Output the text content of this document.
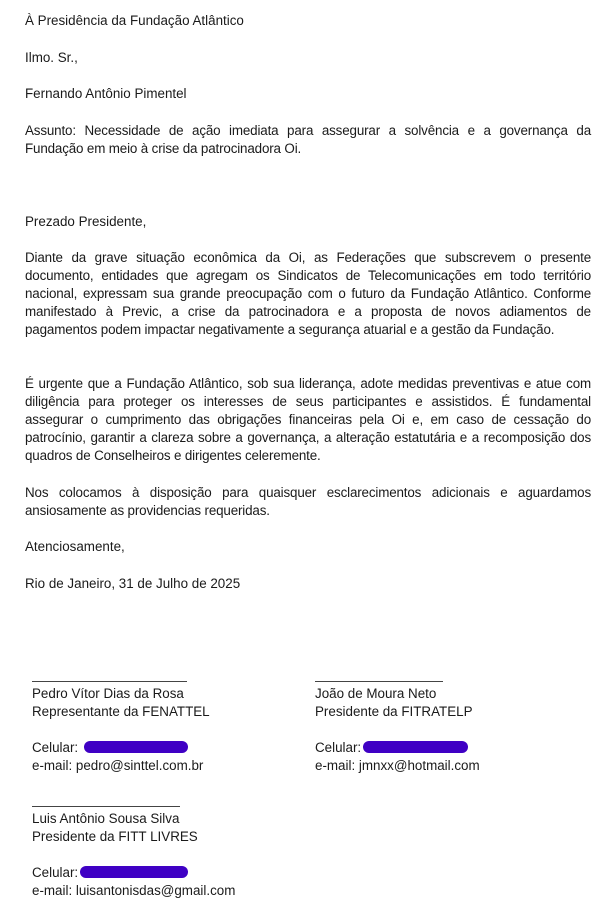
À Presidência da Fundação Atlântico
Ilmo. Sr.,
Fernando Antônio Pimentel
Assunto: Necessidade de ação imediata para assegurar a solvência e a governança da Fundação em meio à crise da patrocinadora Oi.
Prezado Presidente,
Diante da grave situação econômica da Oi, as Federações que subscrevem o presente documento, entidades que agregam os Sindicatos de Telecomunicações em todo território nacional, expressam sua grande preocupação com o futuro da Fundação Atlântico. Conforme manifestado à Previc, a crise da patrocinadora e a proposta de novos adiamentos de pagamentos podem impactar negativamente a segurança atuarial e a gestão da Fundação.
É urgente que a Fundação Atlântico, sob sua liderança, adote medidas preventivas e atue com diligência para proteger os interesses de seus participantes e assistidos. É fundamental assegurar o cumprimento das obrigações financeiras pela Oi e, em caso de cessação do patrocínio, garantir a clareza sobre a governança, a alteração estatutária e a recomposição dos quadros de Conselheiros e dirigentes celeremente.
Nos colocamos à disposição para quaisquer esclarecimentos adicionais e aguardamos ansiosamente as providencias requeridas.
Atenciosamente,
Rio de Janeiro, 31 de Julho de 2025
Pedro Vítor Dias da Rosa
Representante da FENATTEL
Celular:
e-mail: pedro@sinttel.com.br
João de Moura Neto
Presidente da FITRATELP
Celular:
e-mail: jmnxx@hotmail.com
Luis Antônio Sousa Silva
Presidente da FITT LIVRES
Celular:
e-mail: luisantonisdas@gmail.com
